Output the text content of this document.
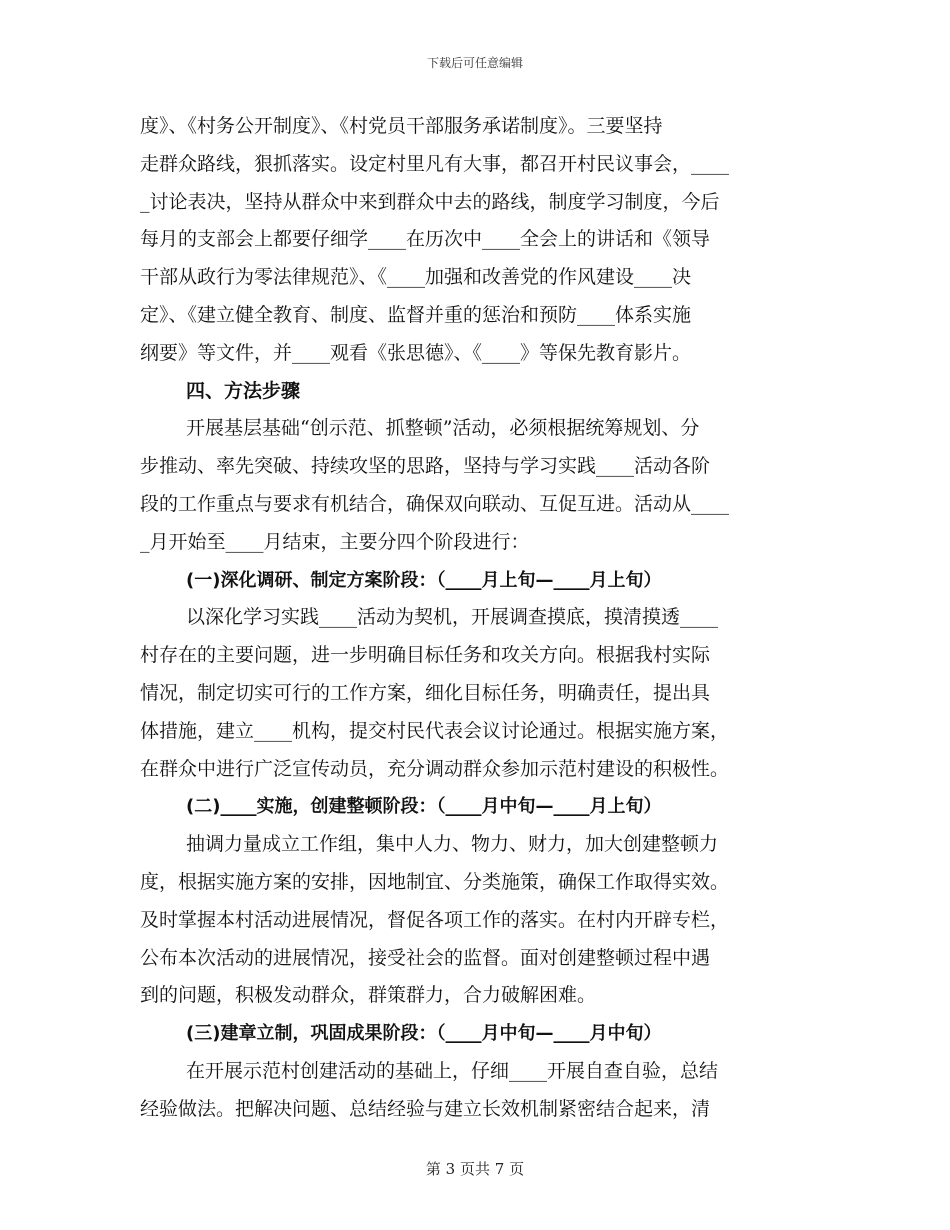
下载后可任意编辑
度》、《村务公开制度》、《村党员干部服务承诺制度》。三要坚持
走群众路线，狠抓落实。设定村里凡有大事，都召开村民议事会，____
_讨论表决，坚持从群众中来到群众中去的路线，制度学习制度，今后
每月的支部会上都要仔细学____在历次中____全会上的讲话和《领导
干部从政行为零法律规范》、《____加强和改善党的作风建设____决
定》、《建立健全教育、制度、监督并重的惩治和预防____体系实施
纲要》等文件，并____观看《张思德》、《____》等保先教育影片。
四、方法步骤
开展基层基础“创示范、抓整顿”活动，必须根据统筹规划、分
步推动、率先突破、持续攻坚的思路，坚持与学习实践____活动各阶
段的工作重点与要求有机结合，确保双向联动、互促互进。活动从____
_月开始至____月结束，主要分四个阶段进行：
(一)深化调研、制定方案阶段：（____月上旬—____月上旬）
以深化学习实践____活动为契机，开展调查摸底，摸清摸透____
村存在的主要问题，进一步明确目标任务和攻关方向。根据我村实际
情况，制定切实可行的工作方案，细化目标任务，明确责任，提出具
体措施，建立____机构，提交村民代表会议讨论通过。根据实施方案，
在群众中进行广泛宣传动员，充分调动群众参加示范村建设的积极性。
(二)____实施，创建整顿阶段：（____月中旬—____月上旬）
抽调力量成立工作组，集中人力、物力、财力，加大创建整顿力
度，根据实施方案的安排，因地制宜、分类施策，确保工作取得实效。
及时掌握本村活动进展情况，督促各项工作的落实。在村内开辟专栏，
公布本次活动的进展情况，接受社会的监督。面对创建整顿过程中遇
到的问题，积极发动群众，群策群力，合力破解困难。
(三)建章立制，巩固成果阶段：（____月中旬—____月中旬）
在开展示范村创建活动的基础上，仔细____开展自查自验，总结
经验做法。把解决问题、总结经验与建立长效机制紧密结合起来，清
第 3 页共 7 页
